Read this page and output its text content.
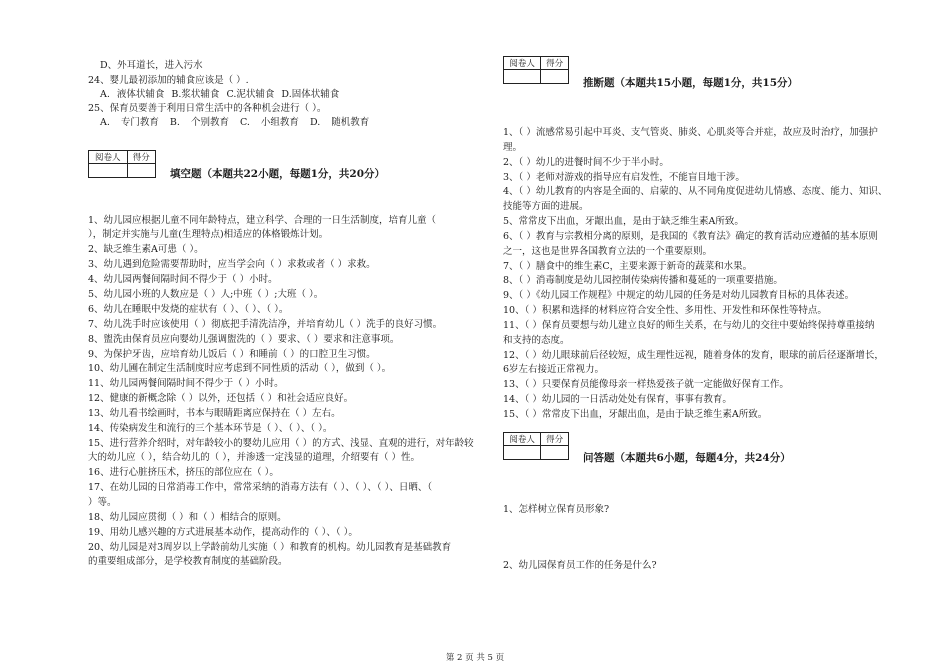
D、外耳道长，进入污水
24、婴儿最初添加的辅食应该是（ ）.
A. 液体状辅食 B.浆状辅食 C.泥状辅食 D.固体状辅食
25、保育员要善于利用日常生活中的各种机会进行（ ）。
A. 专门教育 B. 个别教育 C. 小组教育 D. 随机教育
阅卷人	得分

填空题（本题共22小题，每题1分，共20分）
1、幼儿园应根据儿童不同年龄特点，建立科学、合理的一日生活制度，培育儿童（
），制定并实施与儿童(生理特点)相适应的体格锻炼计划。
2、缺乏维生素A可患（ ）。
3、幼儿遇到危险需要帮助时，应当学会向（ ）求救或者（ ）求救。
4、幼儿园两餐间隔时间不得少于（ ）小时。
5、幼儿园小班的人数应是（ ）人;中班（ ）;大班（ ）。
6、幼儿在睡眠中发烧的症状有（ ）、（ ）、（ ）。
7、幼儿洗手时应该使用（ ）彻底把手清洗洁净，并培育幼儿（ ）洗手的良好习惯。
8、盥洗由保育员应向婴幼儿强调盥洗的（ ）要求、（ ）要求和注意事项。
9、为保护牙齿，应培育幼儿饭后（ ）和睡前（ ）的口腔卫生习惯。
10、幼儿圃在制定生活制度时应考虑到不同性质的活动（ ），做到（ ）。
11、幼儿园两餐间隔时间不得少于（ ）小时。
12、健康的新概念除（ ）以外，还包括（ ）和社会适应良好。
13、幼儿看书绘画时，书本与眼睛距离应保持在（ ）左右。
14、传染病发生和流行的三个基本环节是（ ）、（ ）、（ ）。
15、进行营养介绍时，对年龄较小的婴幼儿应用（ ）的方式、浅显、直观的进行，对年龄较
大的幼儿应（ ），结合幼儿的（ ），并渗透一定浅显的道理，介绍要有（ ）性。
16、进行心脏挤压术，挤压的部位应在（ ）。
17、在幼儿园的日常消毒工作中，常常采纳的消毒方法有（ ）、（ ）、（ ）、日晒、（
）等。
18、幼儿园应贯彻（ ）和（ ）相结合的原则。
19、用幼儿感兴趣的方式进展基本动作，提高动作的（ ）、（ ）。
20、幼儿园是对3周岁以上学龄前幼儿实施（ ）和教育的机构。幼儿园教育是基础教育
的重要组成部分，是学校教育制度的基础阶段。
阅卷人	得分

推断题（本题共15小题，每题1分，共15分）
1、（ ）流感常易引起中耳炎、支气管炎、肺炎、心肌炎等合并症，故应及时治疗，加强护
理。
2、（ ）幼儿的进餐时间不少于半小时。
3、（ ）老师对游戏的指导应有启发性，不能盲目地干涉。
4、（ ）幼儿教育的内容是全面的、启蒙的、从不同角度促进幼儿情感、态度、能力、知识、
技能等方面的进展。
5、常常皮下出血，牙龈出血，是由于缺乏维生素A所致。
6、（ ）教育与宗教相分离的原则，是我国的《教育法》确定的教育活动应遵循的基本原则
之一，这也是世界各国教育立法的一个重要原则。
7、（ ）膳食中的维生素C，主要来源于新奇的蔬菜和水果。
8、（ ）消毒制度是幼儿园控制传染病传播和蔓延的一项重要措施。
9、（ ）《幼儿园工作规程》中规定的幼儿园的任务是对幼儿园教育目标的具体表述。
10、（ ）积累和选择的材料应符合安全性、多用性、开发性和环保性等特点。
11、（ ）保育员要想与幼儿建立良好的师生关系，在与幼儿的交往中要始终保持尊重接纳
和支持的态度。
12、（ ）幼儿眼球前后径较短，成生理性远视，随着身体的发育，眼球的前后径逐渐增长，
6岁左右接近正常视力。
13、（ ）只要保育员能像母亲一样热爱孩子就一定能做好保育工作。
14、（ ）幼儿园的一日活动处处有保育，事事有教育。
15、（ ）常常皮下出血，牙龈出血，是由于缺乏维生素A所致。
阅卷人	得分

问答题（本题共6小题，每题4分，共24分）
1、怎样树立保育员形象?
2、幼儿园保育员工作的任务是什么?
第 2 页 共 5 页
